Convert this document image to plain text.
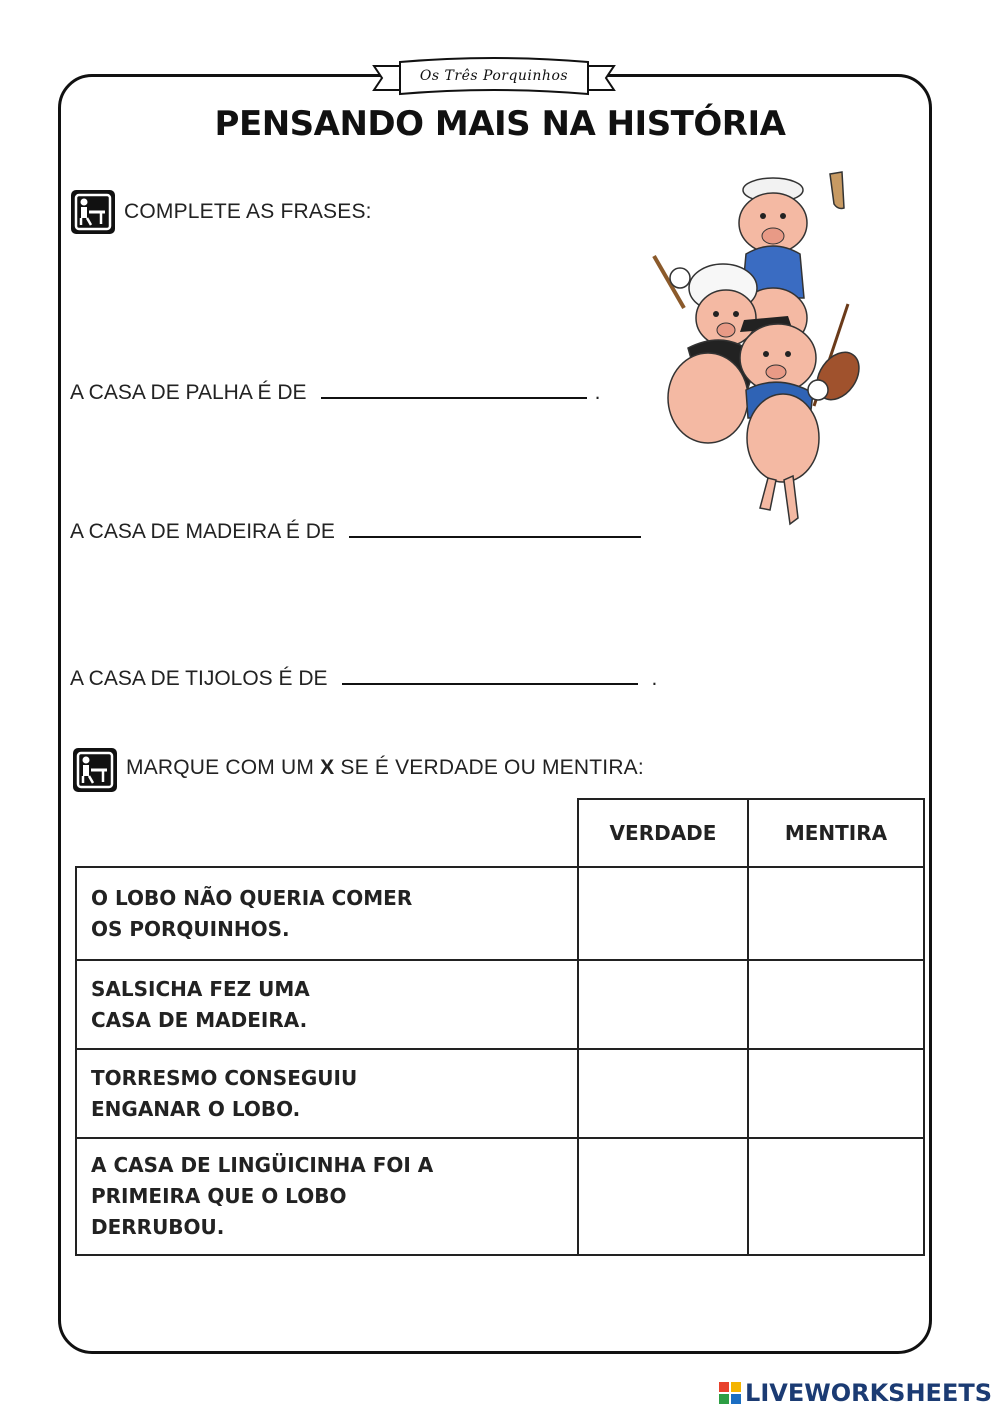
Os Três Porquinhos
PENSANDO MAIS NA HISTÓRIA
COMPLETE AS FRASES:
A CASA DE PALHA É DE	.
A CASA DE MADEIRA É DE
A CASA DE TIJOLOS É DE	.
MARQUE COM UM X SE É VERDADE OU MENTIRA:
	VERDADE	MENTIRA

O LOBO NÃO QUERIA COMER
OS PORQUINHOS.		

SALSICHA FEZ UMA
CASA DE MADEIRA.		

TORRESMO CONSEGUIU
ENGANAR O LOBO.		

A CASA DE LINGÜICINHA FOI A
PRIMEIRA QUE O LOBO
DERRUBOU.		

LIVEWORKSHEETS
